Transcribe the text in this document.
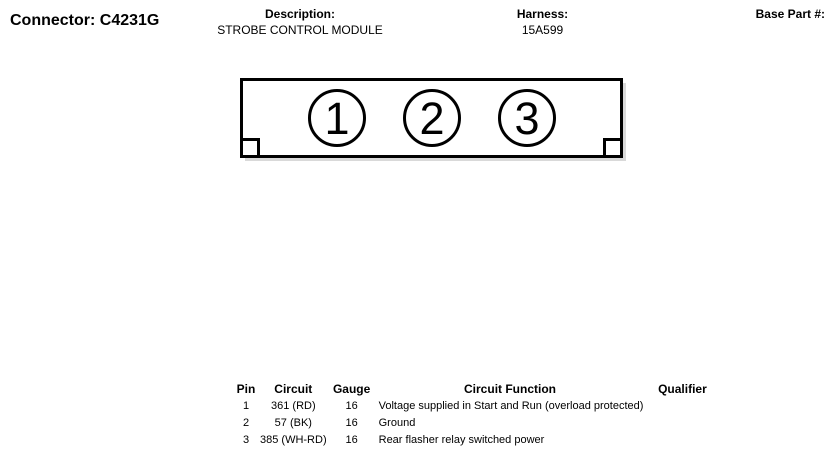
Connector: C4231G	Description:
STROBE CONTROL MODULE
Harness:
15A599
Base Part #:
1	2	3
Pin	Circuit	Gauge	Circuit Function	Qualifier
1	361 (RD)	16	Voltage supplied in Start and Run (overload protected)	
2	57 (BK)	16	Ground	
3	385 (WH-RD)	16	Rear flasher relay switched power	
